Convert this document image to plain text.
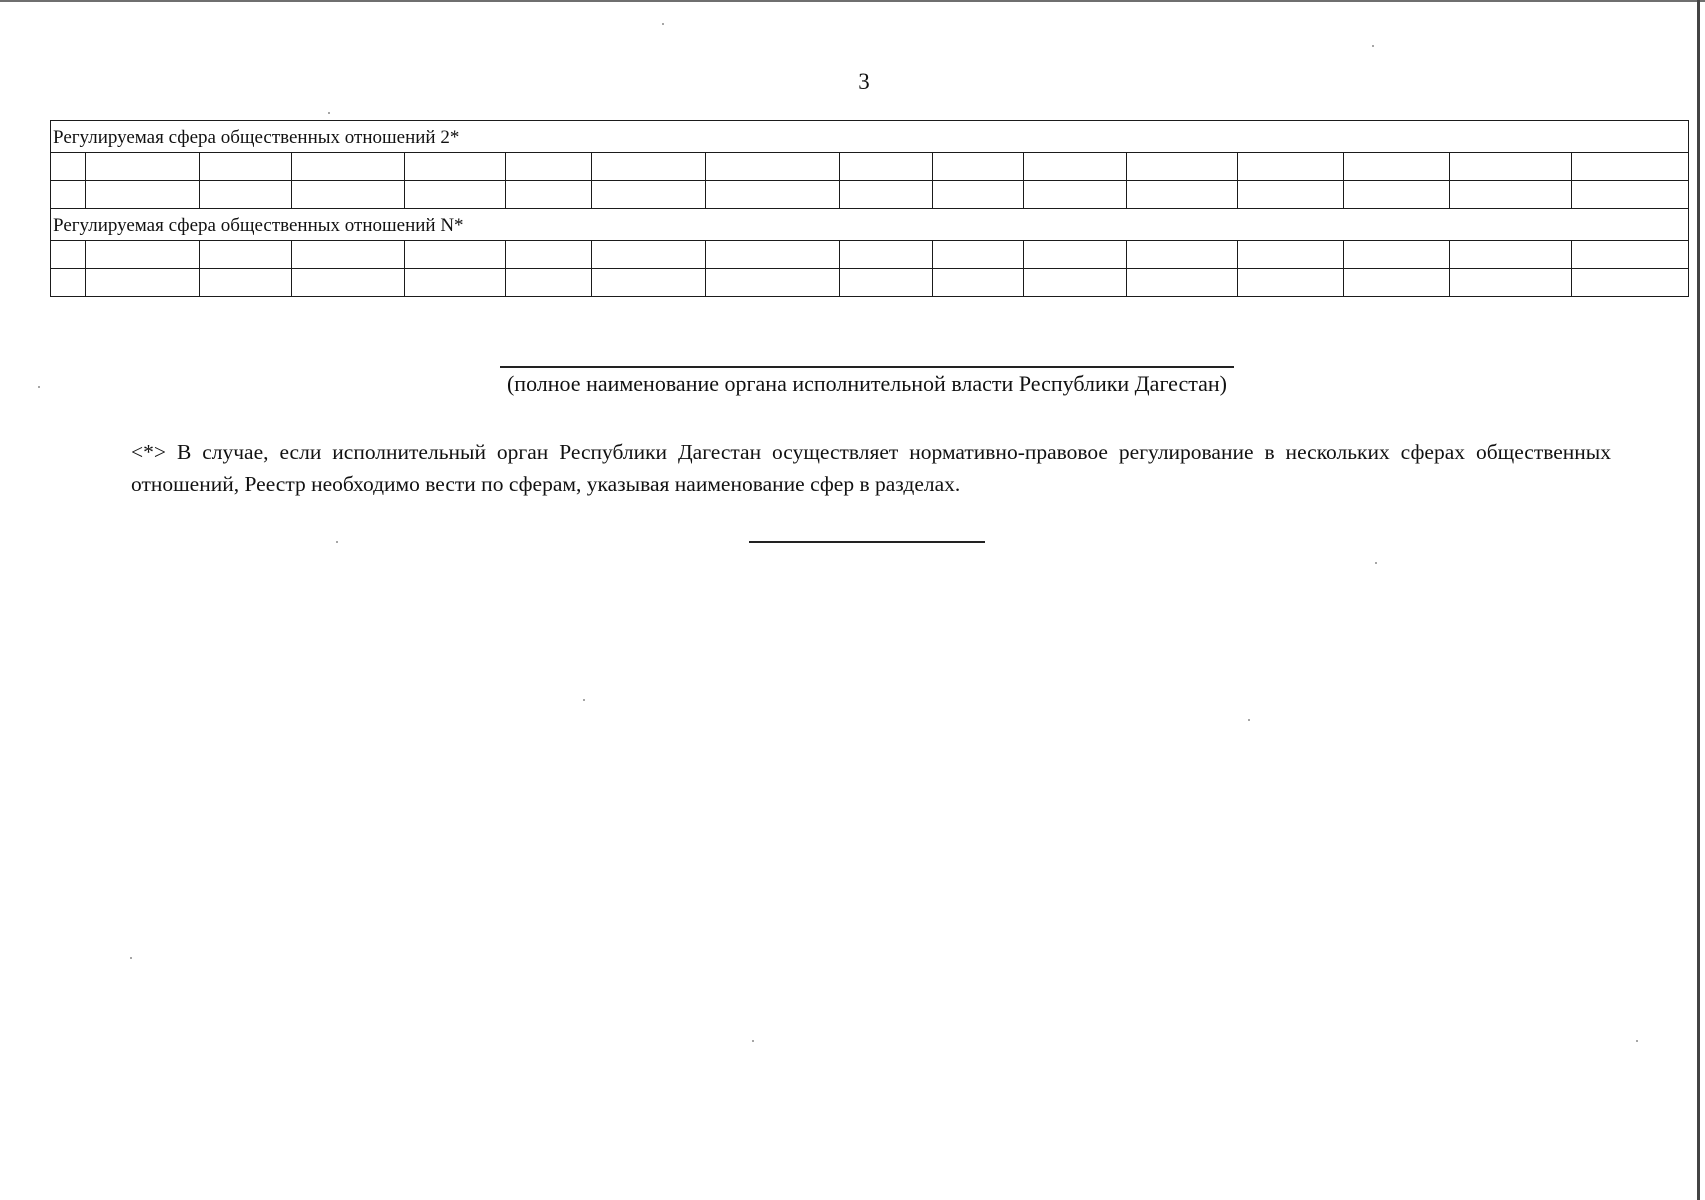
3
Регулируемая сфера общественных отношений 2*															

Регулируемая сфера общественных отношений N*															

(полное наименование органа исполнительной власти Республики Дагестан)
<*> В случае, если исполнительный орган Республики Дагестан осуществляет нормативно-правовое регулирование в нескольких сферах общественных отношений, Реестр необходимо вести по сферам, указывая наименование сфер в разделах.
